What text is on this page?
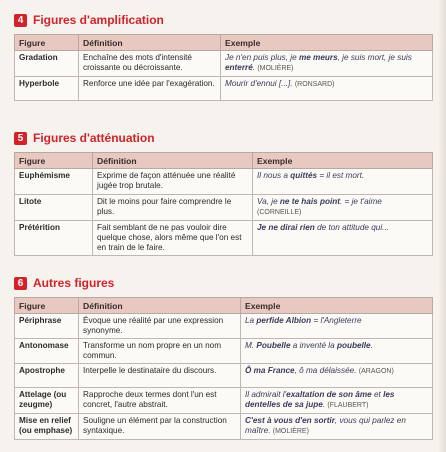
4 Figures d'amplification
Figure	Définition	Exemple
Gradation	Enchaîne des mots d'intensité croissante ou décroissante.	Je n'en puis plus, je me meurs, je suis mort, je suis enterré. (MOLIÈRE)
Hyperbole	Renforce une idée par l'exagération.	Mourir d'ennui [...]. (RONSARD)
5 Figures d'atténuation
Figure	Définition	Exemple
Euphémisme	Exprime de façon atténuée une réalité jugée trop brutale.	Il nous a quittés = il est mort.
Litote	Dit le moins pour faire comprendre le plus.	Va, je ne te hais point. = je t'aime (CORNEILLE)
Prétérition	Fait semblant de ne pas vouloir dire quelque chose, alors même que l'on est en train de le faire.	Je ne dirai rien de ton attitude qui...
6 Autres figures
Figure	Définition	Exemple
Périphrase	Évoque une réalité par une expression synonyme.	La perfide Albion = l'Angleterre
Antonomase	Transforme un nom propre en un nom commun.	M. Poubelle a inventé la poubelle.
Apostrophe	Interpelle le destinataire du discours.	Ô ma France, ô ma délaissée. (ARAGON)
Attelage (ou zeugme)	Rapproche deux termes dont l'un est concret, l'autre abstrait.	Il admirait l'exaltation de son âme et les dentelles de sa jupe. (FLAUBERT)
Mise en relief (ou emphase)	Souligne un élément par la construction syntaxique.	C'est à vous d'en sortir, vous qui parlez en maître. (MOLIÈRE)
